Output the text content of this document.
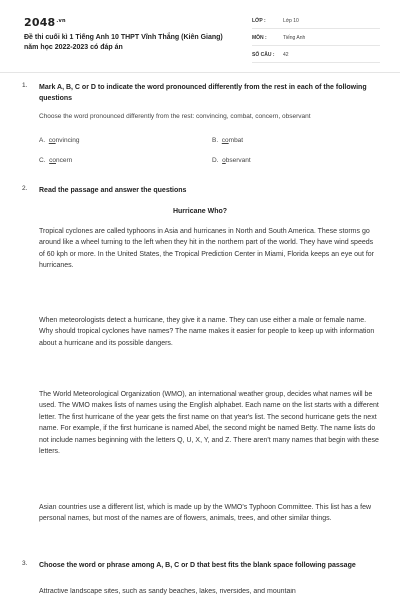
$2048^{.vn}$
Đề thi cuối kì 1 Tiếng Anh 10 THPT Vĩnh Thắng (Kiên Giang) năm học 2022-2023 có đáp án
LỚP :	Lớp 10
MÔN :	Tiếng Anh
SỐ CÂU : 42
1. Mark A, B, C or D to indicate the word pronounced differently from the rest in each of the following questions
Choose the word pronounced differently from the rest: convincing, combat, concern, observant
A. convincing	B. combat
C. concern	D. observant
2. Read the passage and answer the questions
Hurricane Who?
Tropical cyclones are called typhoons in Asia and hurricanes in North and South America. These storms go around like a wheel turning to the left when they hit in the northern part of the world. They have wind speeds of 60 kph or more. In the United States, the Tropical Prediction Center in Miami, Florida keeps an eye out for hurricanes.
When meteorologists detect a hurricane, they give it a name. They can use either a male or female name. Why should tropical cyclones have names? The name makes it easier for people to keep up with information about a hurricane and its possible dangers.
The World Meteorological Organization (WMO), an international weather group, decides what names will be used. The WMO makes lists of names using the English alphabet. Each name on the list starts with a different letter. The first hurricane of the year gets the first name on that year's list. The second hurricane gets the next name. For example, if the first hurricane is named Abel, the second might be named Betty. The name lists do not include names beginning with the letters Q, U, X, Y, and Z. There aren't many names that begin with these letters.
Asian countries use a different list, which is made up by the WMO's Typhoon Committee. This list has a few personal names, but most of the names are of flowers, animals, trees, and other similar things.
3. Choose the word or phrase among A, B, C or D that best fits the blank space following passage
Attractive landscape sites, such as sandy beaches, lakes, riversides, and mountain
